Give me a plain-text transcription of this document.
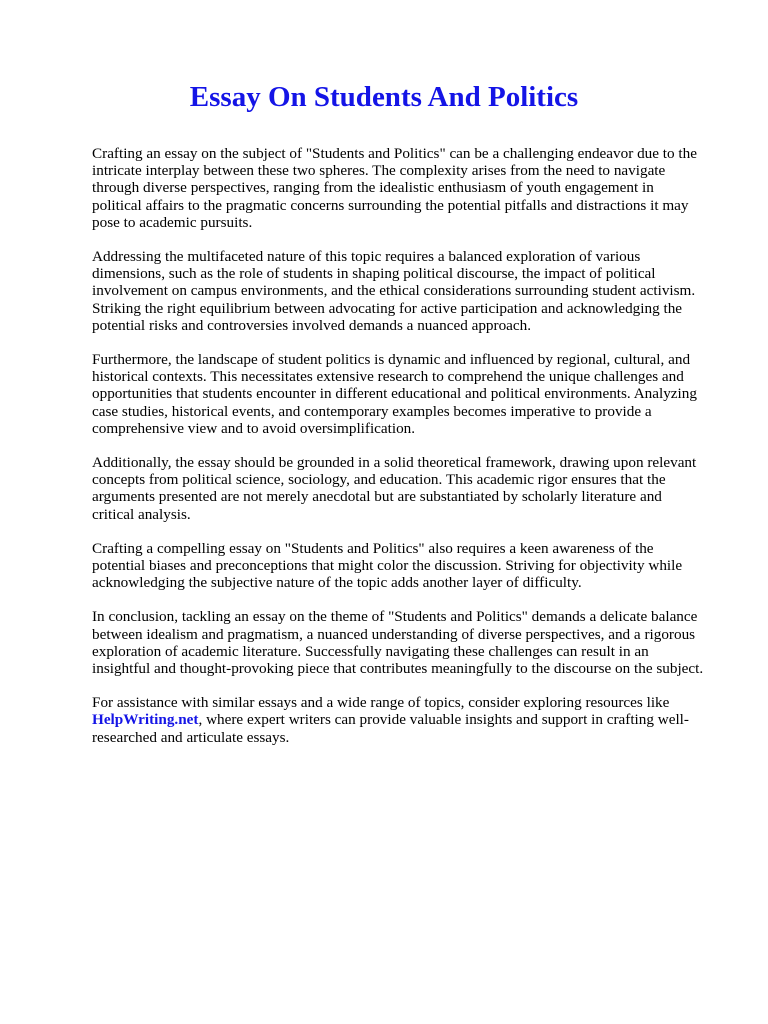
Essay On Students And Politics

Crafting an essay on the subject of "Students and Politics" can be a challenging endeavor due to the intricate interplay between these two spheres. The complexity arises from the need to navigate through diverse perspectives, ranging from the idealistic enthusiasm of youth engagement in political affairs to the pragmatic concerns surrounding the potential pitfalls and distractions it may pose to academic pursuits.

Addressing the multifaceted nature of this topic requires a balanced exploration of various dimensions, such as the role of students in shaping political discourse, the impact of political involvement on campus environments, and the ethical considerations surrounding student activism. Striking the right equilibrium between advocating for active participation and acknowledging the potential risks and controversies involved demands a nuanced approach.

Furthermore, the landscape of student politics is dynamic and influenced by regional, cultural, and historical contexts. This necessitates extensive research to comprehend the unique challenges and opportunities that students encounter in different educational and political environments. Analyzing case studies, historical events, and contemporary examples becomes imperative to provide a comprehensive view and to avoid oversimplification.

Additionally, the essay should be grounded in a solid theoretical framework, drawing upon relevant concepts from political science, sociology, and education. This academic rigor ensures that the arguments presented are not merely anecdotal but are substantiated by scholarly literature and critical analysis.

Crafting a compelling essay on "Students and Politics" also requires a keen awareness of the potential biases and preconceptions that might color the discussion. Striving for objectivity while acknowledging the subjective nature of the topic adds another layer of difficulty.

In conclusion, tackling an essay on the theme of "Students and Politics" demands a delicate balance between idealism and pragmatism, a nuanced understanding of diverse perspectives, and a rigorous exploration of academic literature. Successfully navigating these challenges can result in an insightful and thought-provoking piece that contributes meaningfully to the discourse on the subject.

For assistance with similar essays and a wide range of topics, consider exploring resources like HelpWriting.net, where expert writers can provide valuable insights and support in crafting well-researched and articulate essays.
